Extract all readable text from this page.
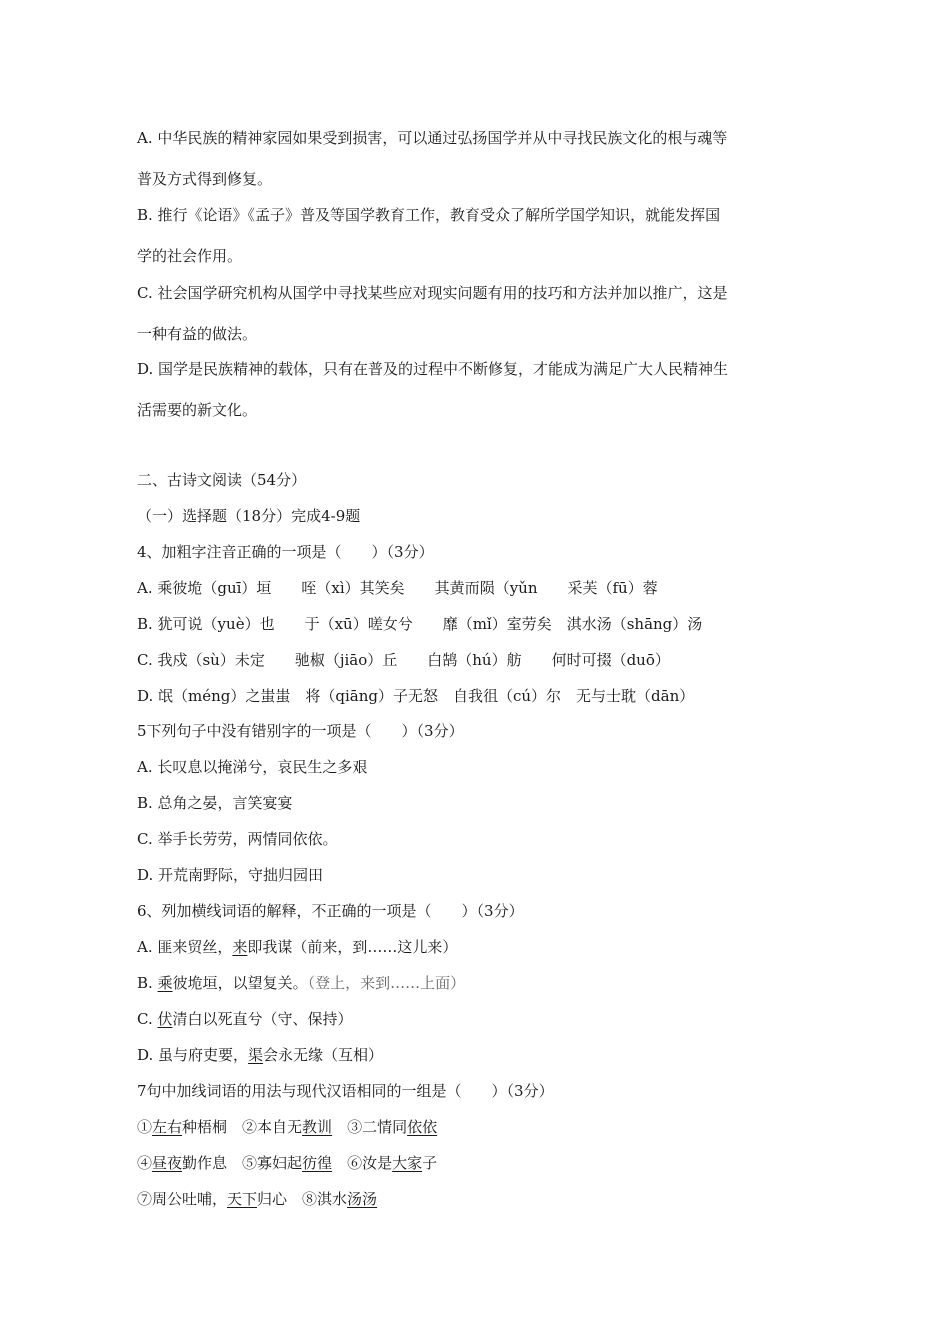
A. 中华民族的精神家园如果受到损害，可以通过弘扬国学并从中寻找民族文化的根与魂等

普及方式得到修复。

B. 推行《论语》《孟子》普及等国学教育工作，教育受众了解所学国学知识，就能发挥国

学的社会作用。

C. 社会国学研究机构从国学中寻找某些应对现实问题有用的技巧和方法并加以推广，这是

一种有益的做法。

D. 国学是民族精神的载体，只有在普及的过程中不断修复，才能成为满足广大人民精神生

活需要的新文化。

二、古诗文阅读（54分）

（一）选择题（18分）完成4-9题

4、加粗字注音正确的一项是（　　）（3分）

A. 乘彼垝（guī）垣　　咥（xì）其笑矣　　其黄而陨（yǔn　　采芙（fū）蓉

B. 犹可说（yuè）也　　于（xū）嗟女兮　　靡（mǐ）室劳矣　淇水汤（shāng）汤

C. 我戍（sù）未定　　驰椒（jiāo）丘　　白鹄（hú）舫　　何时可掇（duō）

D. 氓（méng）之蚩蚩　将（qiāng）子无怒　自我徂（cú）尔　无与士耽（dān）

5下列句子中没有错别字的一项是（　　）（3分）

A. 长叹息以掩涕兮，哀民生之多艰

B. 总角之晏，言笑宴宴

C. 举手长劳劳，两情同依依。

D. 开荒南野际，守拙归园田

6、列加横线词语的解释，不正确的一项是（　　）（3分）

A. 匪来贸丝，来即我谋（前来，到……这儿来）

B. 乘彼垝垣，以望复关。（登上，来到……上面）

C. 伏清白以死直兮（守、保持）

D. 虽与府吏要，渠会永无缘（互相）

7句中加线词语的用法与现代汉语相同的一组是（　　）（3分）

①左右种梧桐　②本自无教训　③二情同依依

④昼夜勤作息　⑤寡妇起彷徨　⑥汝是大家子

⑦周公吐哺，天下归心　⑧淇水汤汤
